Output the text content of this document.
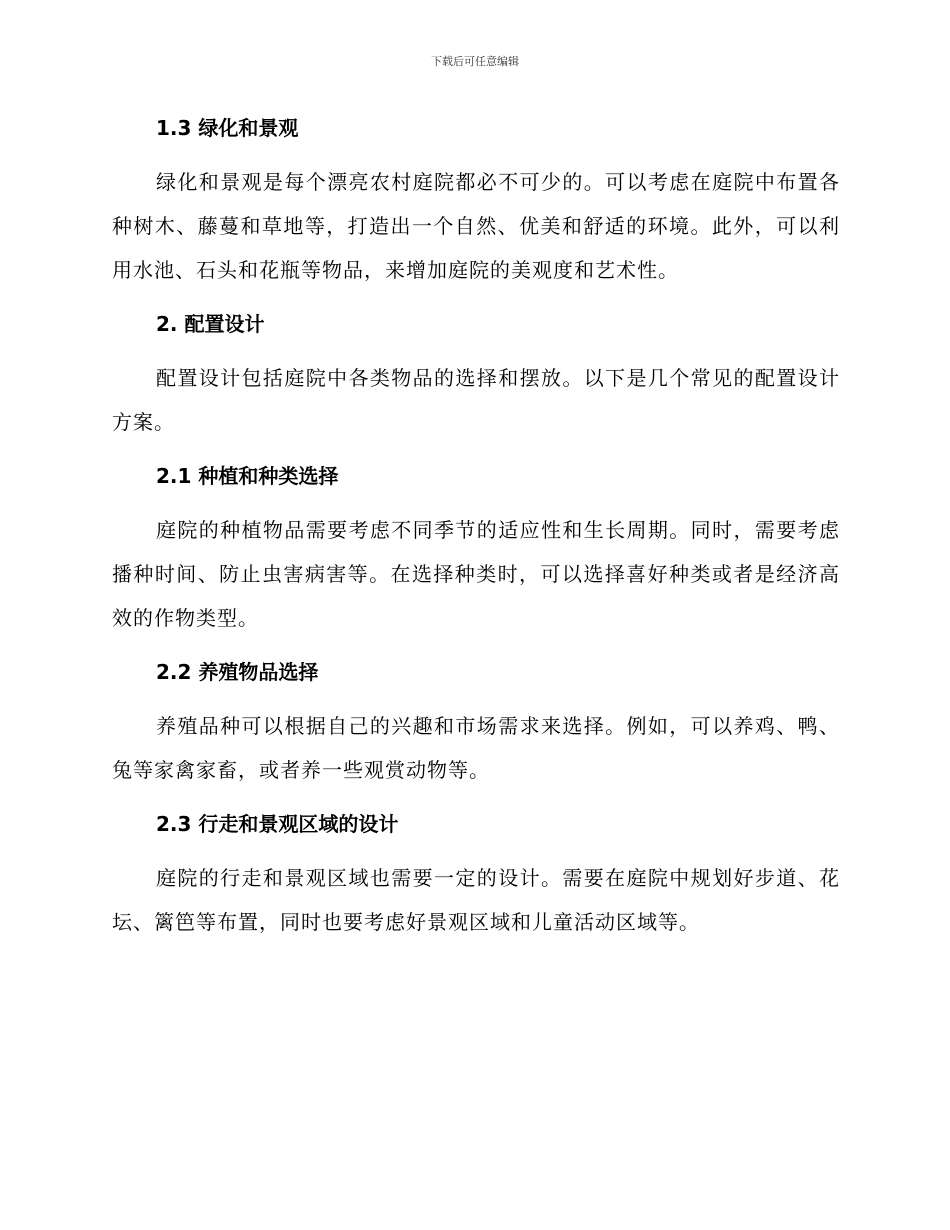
下载后可任意编辑
1.3 绿化和景观
绿化和景观是每个漂亮农村庭院都必不可少的。可以考虑在庭院中布置各种树木、藤蔓和草地等，打造出一个自然、优美和舒适的环境。此外，可以利用水池、石头和花瓶等物品，来增加庭院的美观度和艺术性。
2. 配置设计
配置设计包括庭院中各类物品的选择和摆放。以下是几个常见的配置设计方案。
2.1 种植和种类选择
庭院的种植物品需要考虑不同季节的适应性和生长周期。同时，需要考虑播种时间、防止虫害病害等。在选择种类时，可以选择喜好种类或者是经济高效的作物类型。
2.2 养殖物品选择
养殖品种可以根据自己的兴趣和市场需求来选择。例如，可以养鸡、鸭、兔等家禽家畜，或者养一些观赏动物等。
2.3 行走和景观区域的设计
庭院的行走和景观区域也需要一定的设计。需要在庭院中规划好步道、花坛、篱笆等布置，同时也要考虑好景观区域和儿童活动区域等。
